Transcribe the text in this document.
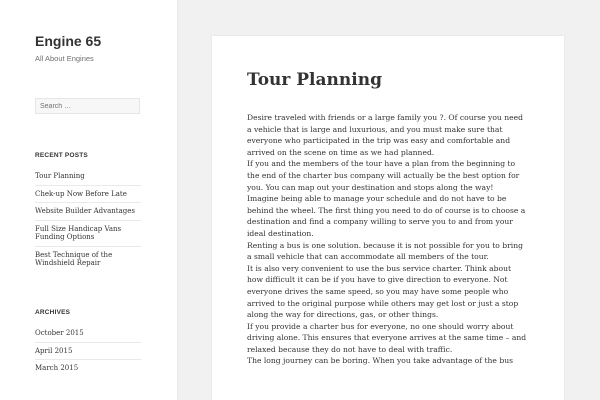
Engine 65
All About Engines
Search …
RECENT POSTS
Tour Planning
Chek-up Now Before Late
Website Builder Advantages
Full Size Handicap Vans Funding Options
Best Technique of the Windshield Repair
ARCHIVES
October 2015
April 2015
March 2015
Tour Planning

Desire traveled with friends or a large family you ?. Of course you need a vehicle that is large and luxurious, and you must make sure that everyone who participated in the trip was easy and comfortable and arrived on the scene on time as we had planned.

If you and the members of the tour have a plan from the beginning to the end of the charter bus company will actually be the best option for you. You can map out your destination and stops along the way!

Imagine being able to manage your schedule and do not have to be behind the wheel. The first thing you need to do of course is to choose a destination and find a company willing to serve you to and from your ideal destination.

Renting a bus is one solution. because it is not possible for you to bring a small vehicle that can accommodate all members of the tour.

It is also very convenient to use the bus service charter. Think about how difficult it can be if you have to give direction to everyone. Not everyone drives the same speed, so you may have some people who arrived to the original purpose while others may get lost or just a stop along the way for directions, gas, or other things.

If you provide a charter bus for everyone, no one should worry about driving alone. This ensures that everyone arrives at the same time – and relaxed because they do not have to deal with traffic.

The long journey can be boring. When you take advantage of the bus
